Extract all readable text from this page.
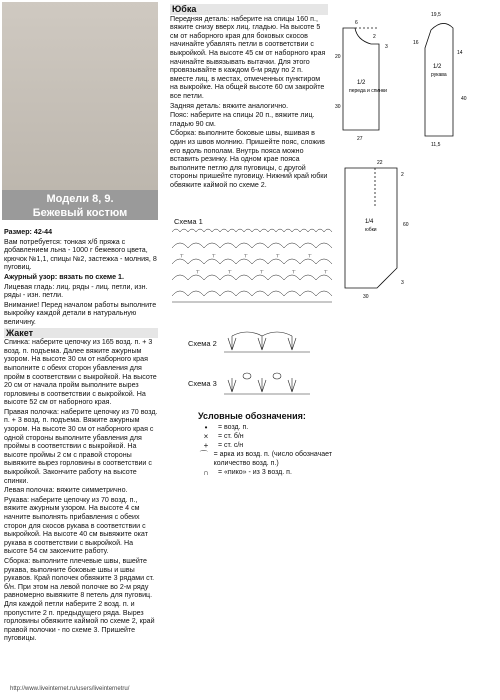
Модели 8, 9.
Бежевый костюм

Размер: 42-44

Вам потребуется: тонкая х/б пряжа с добавлением льна - 1000 г бежевого цвета, крючок №1,1, спицы №2, застежка - молния, 8 пуговиц.

Ажурный узор: вязать по схеме 1.

Лицевая гладь: лиц. ряды - лиц. петли, изн. ряды - изн. петли.

Внимание! Перед началом работы выполните выкройку каждой детали в натуральную величину.

Жакет

Спинка: наберите цепочку из 165 возд. п. + 3 возд. п. подъема. Далее вяжите ажурным узором. На высоте 30 см от наборного края выполните с обеих сторон убавления для пройм в соответствии с выкройкой. На высоте 20 см от начала пройм выполните вырез горловины в соответствии с выкройкой. На высоте 52 см от наборного края.

Правая полочка: наберите цепочку из 70 возд. п. + 3 возд. п. подъема. Вяжите ажурным узором. На высоте 30 см от наборного края с одной стороны выполните убавления для проймы в соответствии с выкройкой. На высоте проймы 2 см с правой стороны вывяжите вырез горловины в соответствии с выкройкой. Закончите работу на высоте спинки.

Левая полочка: вяжите симметрично.

Рукава: наберите цепочку из 70 возд. п., вяжите ажурным узором. На высоте 4 см начните выполнять прибавления с обеих сторон для скосов рукава в соответствии с выкройкой. На высоте 40 см вывяжите окат рукава в соответствии с выкройкой. На высоте 54 см закончите работу.

Сборка: выполните плечевые швы, вшейте рукава, выполните боковые швы и швы рукавов. Край полочек обвяжите 3 рядами ст. б/н. При этом на левой полочке во 2-м ряду равномерно вывяжите 8 петель для пуговиц. Для каждой петли наберите 2 возд. п. и пропустите 2 п. предыдущего ряда. Вырез горловины обвяжите каймой по схеме 2, край правой полочки - по схеме 3. Пришейте пуговицы.

Юбка

Передняя деталь: наберите на спицы 160 п., вяжите снизу вверх лиц. гладью. На высоте 5 см от наборного края для боковых скосов начинайте убавлять петли в соответствии с выкройкой. На высоте 45 см от наборного края начинайте вывязывать вытачки. Для этого провязывайте в каждом 6-м ряду по 2 п. вместе лиц. в местах, отмеченных пунктиром на выкройке. На общей высоте 60 см закройте все петли.

Задняя деталь: вяжите аналогично.

Пояс: наберите на спицы 20 п., вяжите лиц. гладью 90 см.

Сборка: выполните боковые швы, вшивая в один из швов молнию. Пришейте пояс, сложив его вдоль пополам. Внутрь пояса можно вставить резинку. На одном крае пояса выполните петлю для пуговицы, с другой стороны пришейте пуговицу. Нижний край юбки обвяжите каймой по схеме 2.

1/2
переда и спинки
1/2
рукава
1/4
юбки
6
2
20
3
30
27
11,5
19,5
16
14
40
22
60
30
2
3
Схема 1
┬	┬	┬	┬	┬
┬	┬	┬	┬	┬
Схема 2
Схема 3
Условные обозначения:
•	= возд. п.
×	= ст. б/н
+	= ст. с/н
⌒ = арка из возд. п. (число обозначает количество возд. п.)
∩	= «пико» - из 3 возд. п.
http://www.liveinternet.ru/users/liveinternetru/
